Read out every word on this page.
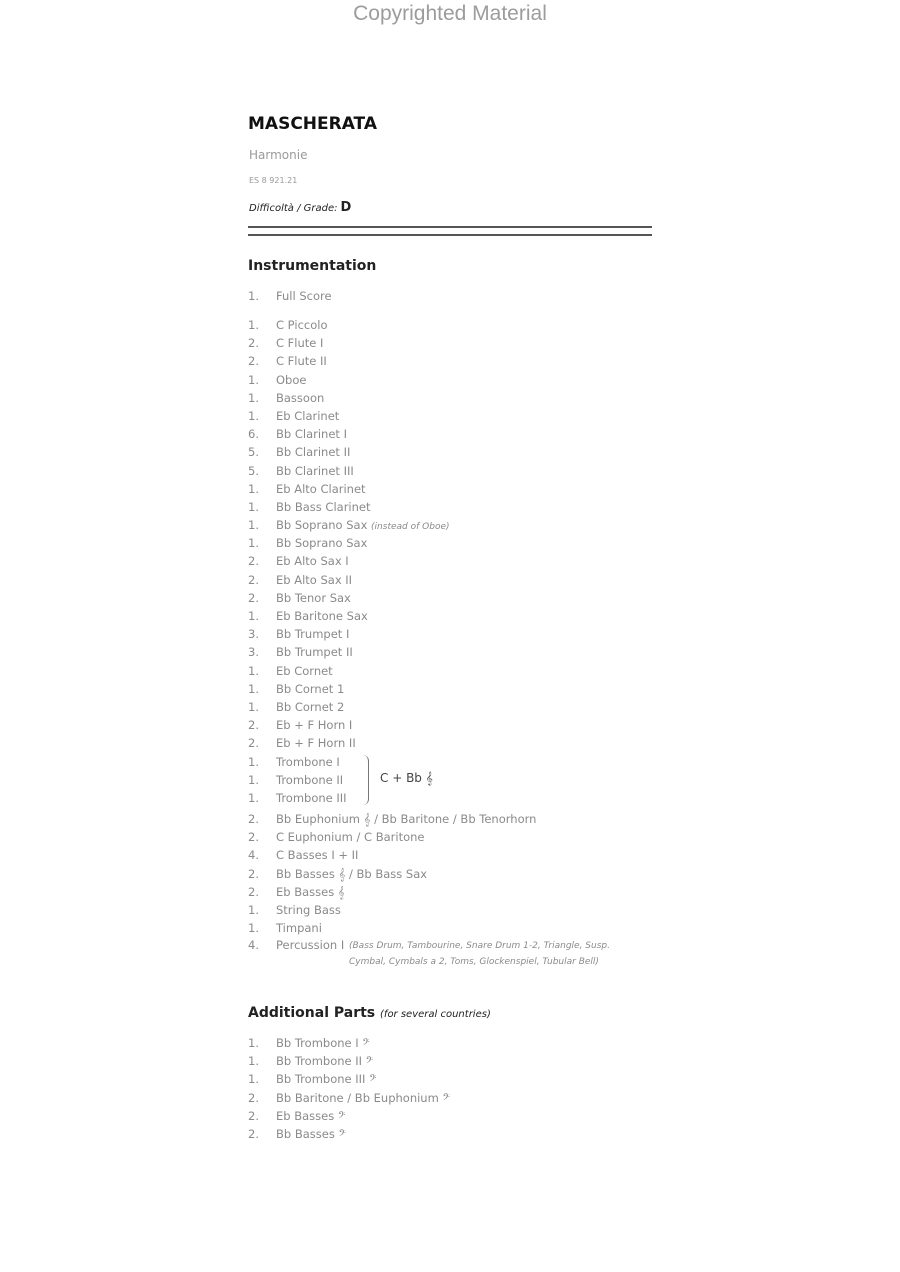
Copyrighted Material
MASCHERATA
Harmonie
ES 8 921.21
Difficoltà / Grade: D
Instrumentation
1. Full Score
1. C Piccolo
2. C Flute I
2. C Flute II
1. Oboe
1. Bassoon
1. Eb Clarinet
6. Bb Clarinet I
5. Bb Clarinet II
5. Bb Clarinet III
1. Eb Alto Clarinet
1. Bb Bass Clarinet
1. Bb Soprano Sax (instead of Oboe)
1. Bb Soprano Sax
2. Eb Alto Sax I
2. Eb Alto Sax II
2. Bb Tenor Sax
1. Eb Baritone Sax
3. Bb Trumpet I
3. Bb Trumpet II
1. Eb Cornet
1. Bb Cornet 1
1. Bb Cornet 2
2. Eb + F Horn I
2. Eb + F Horn II
1. Trombone I
1. Trombone II
1. Trombone III
C + Bb 𝄞
2. Bb Euphonium 𝄞 / Bb Baritone / Bb Tenorhorn
2. C Euphonium / C Baritone
4. C Basses I + II
2. Bb Basses 𝄞 / Bb Bass Sax
2. Eb Basses 𝄞
1. String Bass
1. Timpani
4. Percussion I (Bass Drum, Tambourine, Snare Drum 1-2, Triangle, Susp. Cymbal, Cymbals a 2, Toms, Glockenspiel, Tubular Bell)
Additional Parts (for several countries)
1. Bb Trombone I 𝄢
1. Bb Trombone II 𝄢
1. Bb Trombone III 𝄢
2. Bb Baritone / Bb Euphonium 𝄢
2. Eb Basses 𝄢
2. Bb Basses 𝄢
